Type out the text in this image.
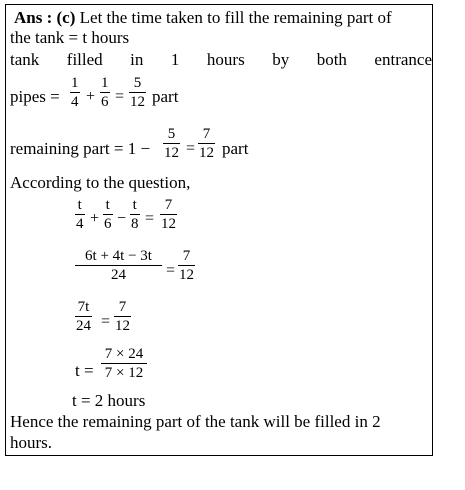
Ans : (c) Let the time taken to fill the remaining part of
the tank = t hours
tank filled in 1 hours by both entrance
pipes = $\frac{1}{4} + \frac{1}{6} = \frac{5}{12}$ part
remaining part = $1 - \frac{5}{12} = \frac{7}{12}$ part
According to the question,
$\frac{t}{4} + \frac{t}{6} - \frac{t}{8} = \frac{7}{12}$
$\frac{6t + 4t - 3t}{24} = \frac{7}{12}$
$\frac{7t}{24} = \frac{7}{12}$
$t = \frac{7 \times 24}{7 \times 12}$
t = 2 hours
Hence the remaining part of the tank will be filled in 2
hours.
